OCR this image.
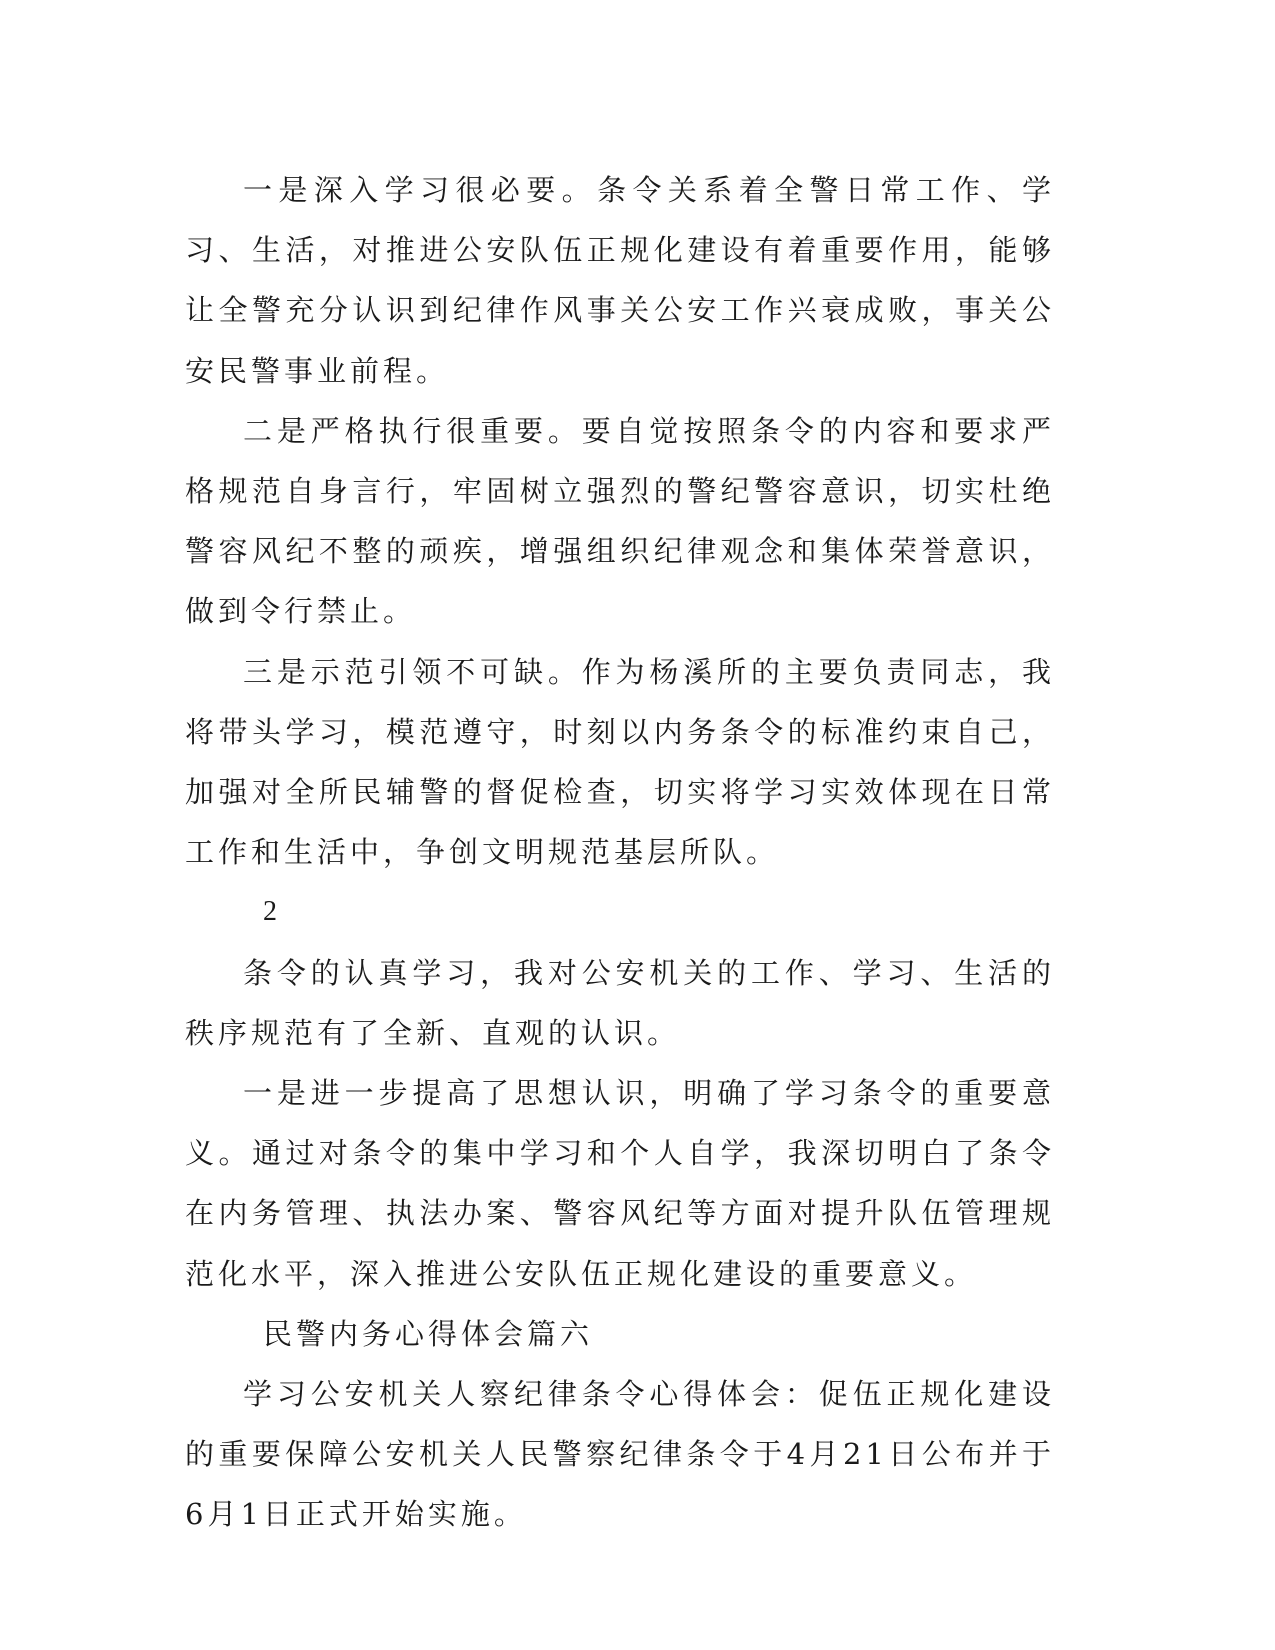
一是深入学习很必要。条令关系着全警日常工作、学习、生活，对推进公安队伍正规化建设有着重要作用，能够让全警充分认识到纪律作风事关公安工作兴衰成败，事关公安民警事业前程。

二是严格执行很重要。要自觉按照条令的内容和要求严格规范自身言行，牢固树立强烈的警纪警容意识，切实杜绝警容风纪不整的顽疾，增强组织纪律观念和集体荣誉意识，做到令行禁止。

三是示范引领不可缺。作为杨溪所的主要负责同志，我将带头学习，模范遵守，时刻以内务条令的标准约束自己，加强对全所民辅警的督促检查，切实将学习实效体现在日常工作和生活中，争创文明规范基层所队。

2

条令的认真学习，我对公安机关的工作、学习、生活的秩序规范有了全新、直观的认识。

一是进一步提高了思想认识，明确了学习条令的重要意义。通过对条令的集中学习和个人自学，我深切明白了条令在内务管理、执法办案、警容风纪等方面对提升队伍管理规范化水平，深入推进公安队伍正规化建设的重要意义。

民警内务心得体会篇六

学习公安机关人察纪律条令心得体会：促伍正规化建设的重要保障公安机关人民警察纪律条令于4月21日公布并于6月1日正式开始实施。
